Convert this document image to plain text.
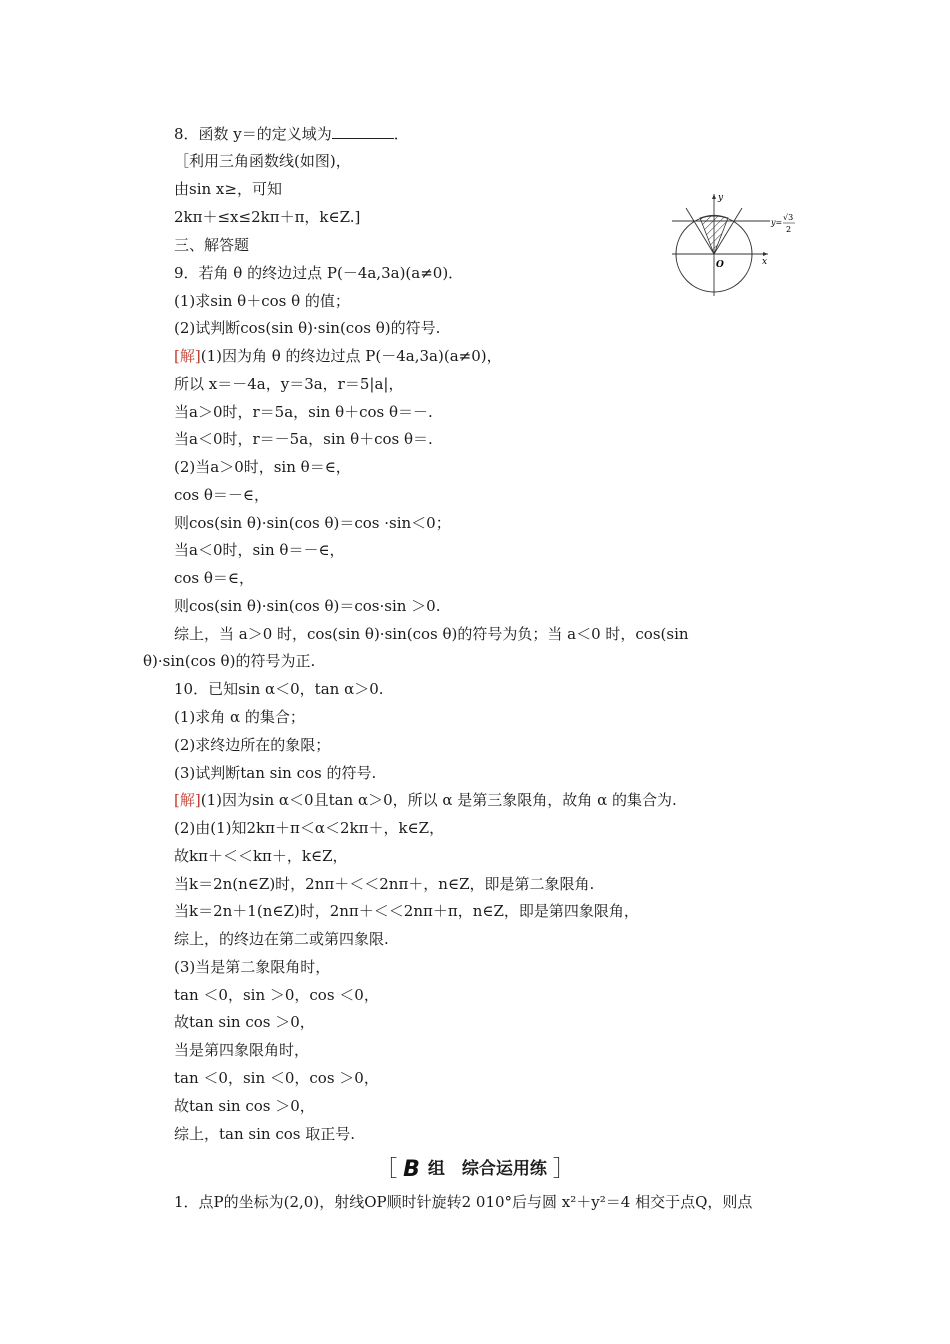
8．函数 y＝的定义域为	．
［利用三角函数线(如图)，
由sin x≥，可知
2kπ＋≤x≤2kπ＋π，k∈Z.]
三、解答题
9．若角 θ 的终边过点 P(－4a,3a)(a≠0)．
(1)求sin θ＋cos θ 的值；
(2)试判断cos(sin θ)·sin(cos θ)的符号.
[解](1)因为角 θ 的终边过点 P(－4a,3a)(a≠0)，
所以 x＝－4a，y＝3a，r＝5|a|，
当a＞0时，r＝5a，sin θ＋cos θ＝－.
当a＜0时，r＝－5a，sin θ＋cos θ＝.
(2)当a＞0时，sin θ＝∈，
cos θ＝－∈，
则cos(sin θ)·sin(cos θ)＝cos ·sin＜0；
当a＜0时，sin θ＝－∈，
cos θ＝∈，
则cos(sin θ)·sin(cos θ)＝cos·sin ＞0.
综上，当 a＞0 时，cos(sin θ)·sin(cos θ)的符号为负；当 a＜0 时，cos(sin
θ)·sin(cos θ)的符号为正.
10．已知sin α＜0，tan α＞0.
(1)求角 α 的集合；
(2)求终边所在的象限；
(3)试判断tan sin cos 的符号.
[解](1)因为sin α＜0且tan α＞0，所以 α 是第三象限角，故角 α 的集合为.
(2)由(1)知2kπ＋π＜α＜2kπ＋，k∈Z，
故kπ＋＜＜kπ＋，k∈Z，
当k＝2n(n∈Z)时，2nπ＋＜＜2nπ＋，n∈Z，即是第二象限角.
当k＝2n＋1(n∈Z)时，2nπ＋＜＜2nπ＋π，n∈Z，即是第四象限角，
综上，的终边在第二或第四象限.
(3)当是第二象限角时，
tan ＜0，sin ＞0，cos ＜0，
故tan sin cos ＞0，
当是第四象限角时，
tan ＜0，sin ＜0，cos ＞0，
故tan sin cos ＞0，
综上，tan sin cos 取正号.
1．点P的坐标为(2,0)，射线OP顺时针旋转2 010°后与圆 x²＋y²＝4 相交于点Q，则点
y
x
O
y=
√3
2
［ B 组　综合运用练 ］
